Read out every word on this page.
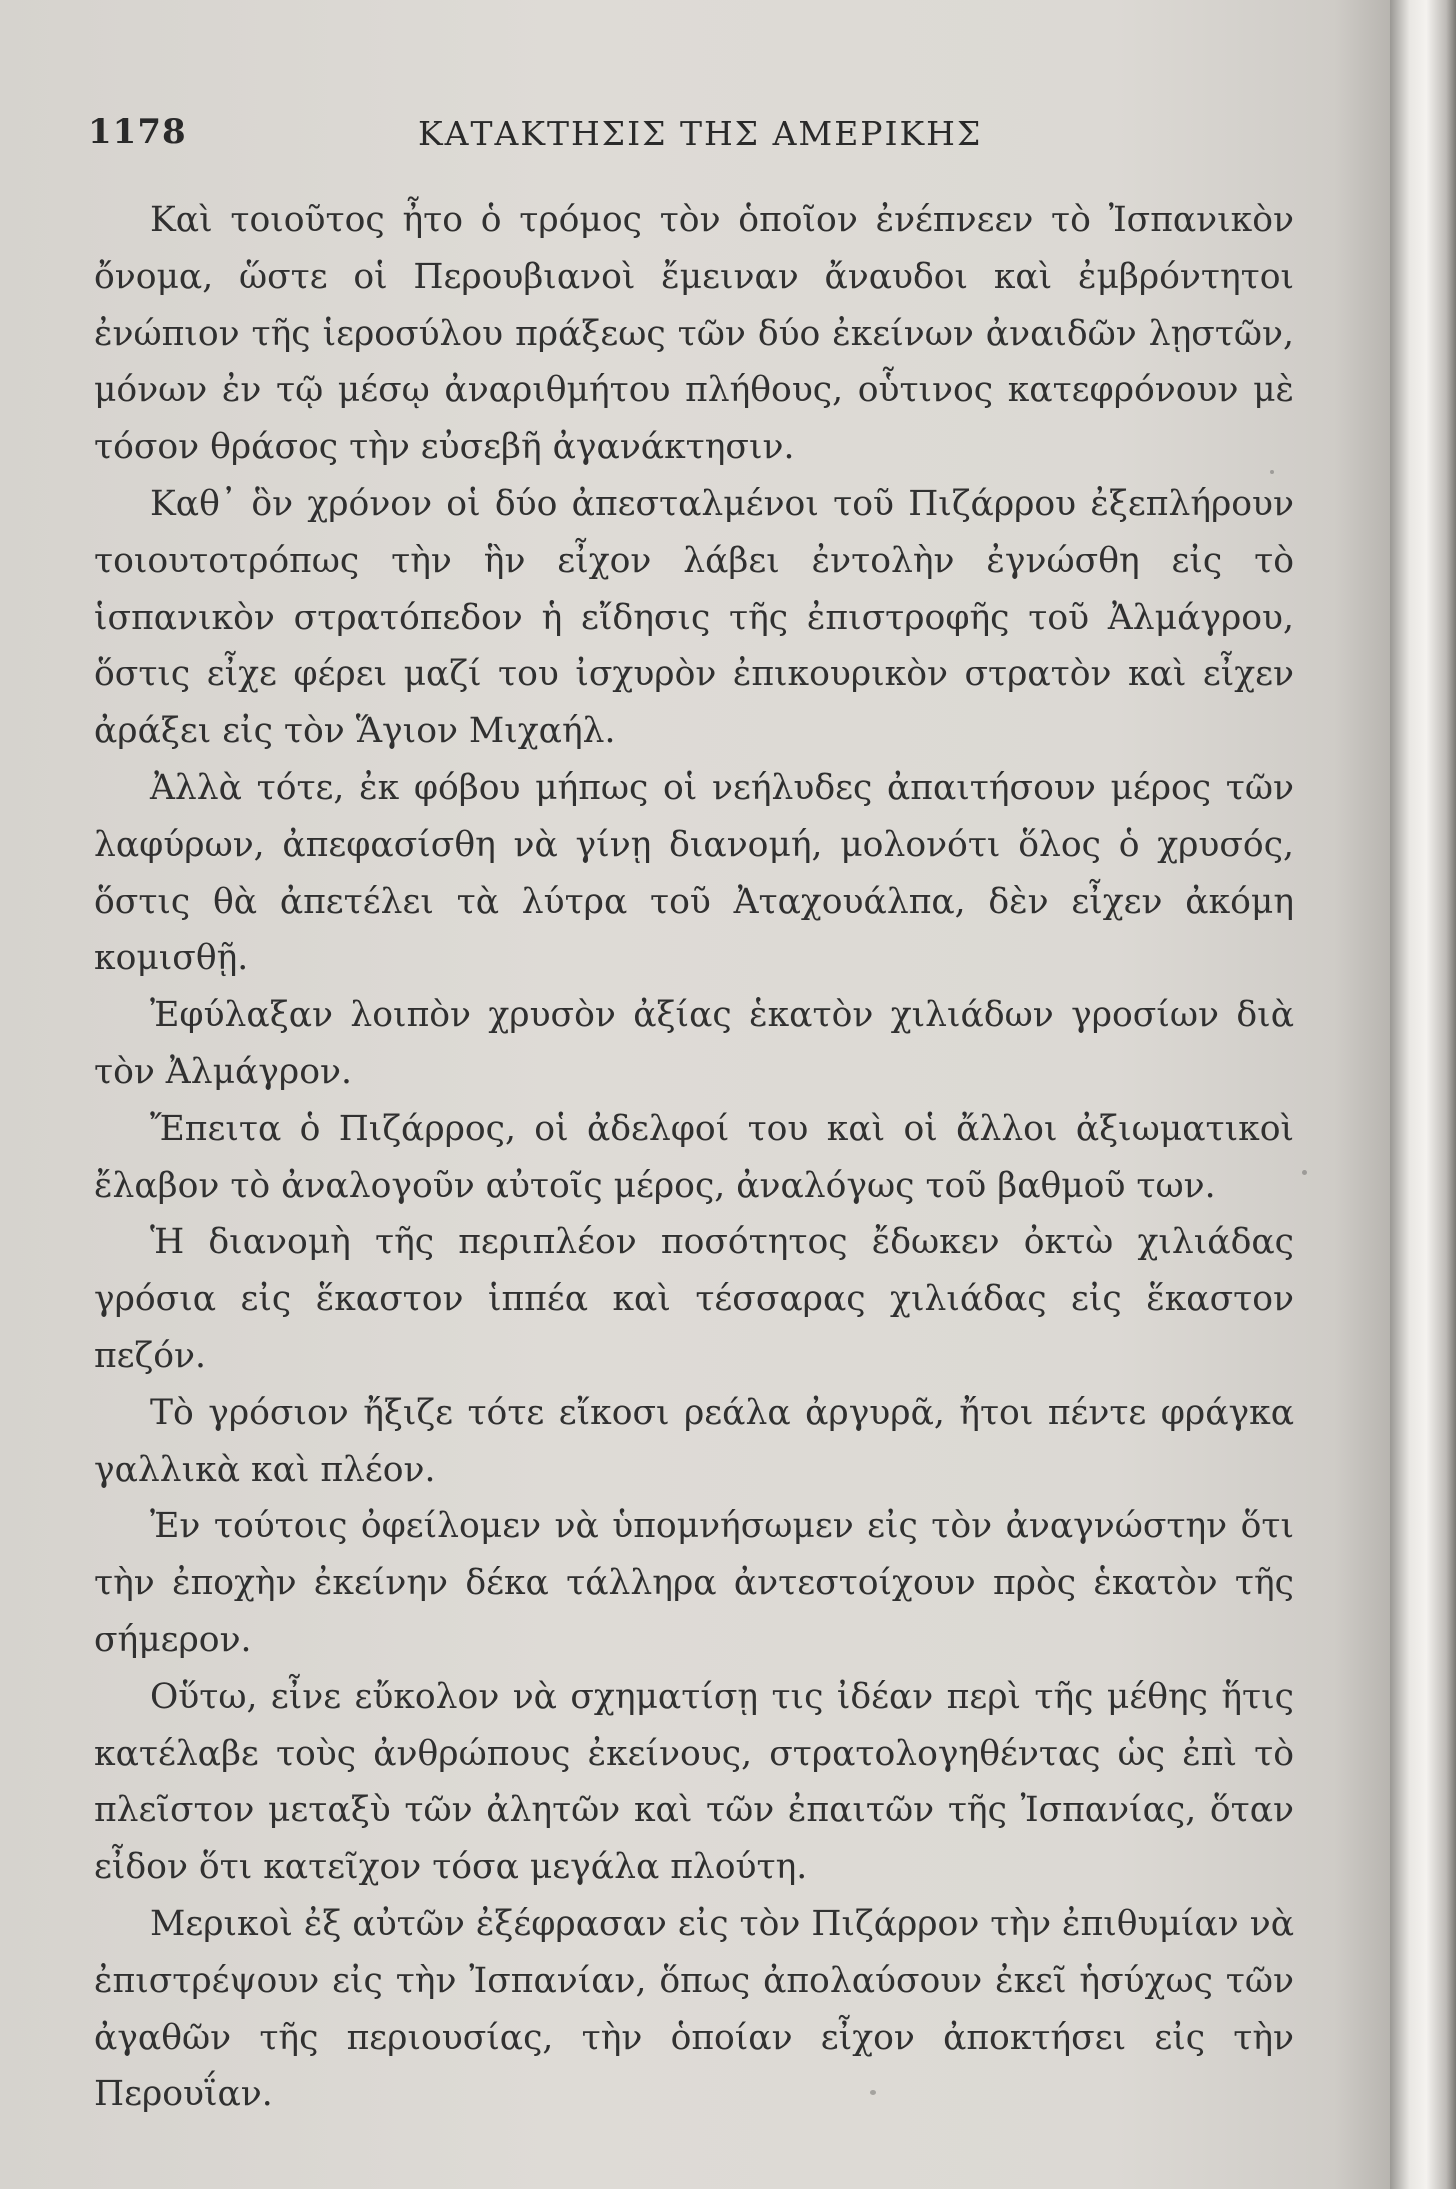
1178	ΚΑΤΑΚΤΗΣΙΣ ΤΗΣ ΑΜΕΡΙΚΗΣ

Καὶ τοιοῦτος ἦτο ὁ τρόμος τὸν ὁποῖον ἐνέπνεεν τὸ Ἰσπανικὸν ὄνομα, ὥστε οἱ Περουβιανοὶ ἔμειναν ἄναυδοι καὶ ἐμβρόντητοι ἐνώπιον τῆς ἱεροσύλου πράξεως τῶν δύο ἐκείνων ἀναιδῶν λῃστῶν, μόνων ἐν τῷ μέσῳ ἀναριθμήτου πλήθους, οὗτινος κατεφρόνουν μὲ τόσον θράσος τὴν εὐσεβῆ ἀγανάκτησιν.

Καθ᾽ ὃν χρόνον οἱ δύο ἀπεσταλμένοι τοῦ Πιζάρρου ἐξεπλήρουν τοιουτοτρόπως τὴν ἣν εἶχον λάβει ἐντολὴν ἐγνώσθη εἰς τὸ ἱσπανικὸν στρατόπεδον ἡ εἴδησις τῆς ἐπιστροφῆς τοῦ Ἀλμάγρου, ὅστις εἶχε φέρει μαζί του ἰσχυρὸν ἐπικουρικὸν στρατὸν καὶ εἶχεν ἀράξει εἰς τὸν Ἅγιον Μιχαήλ.

Ἀλλὰ τότε, ἐκ φόβου μήπως οἱ νεήλυδες ἀπαιτήσουν μέρος τῶν λαφύρων, ἀπεφασίσθη νὰ γίνῃ διανομή, μολονότι ὅλος ὁ χρυσός, ὅστις θὰ ἀπετέλει τὰ λύτρα τοῦ Ἀταχουάλπα, δὲν εἶχεν ἀκόμη κομισθῇ.

Ἐφύλαξαν λοιπὸν χρυσὸν ἀξίας ἑκατὸν χιλιάδων γροσίων διὰ τὸν Ἀλμάγρον.

Ἔπειτα ὁ Πιζάρρος, οἱ ἀδελφοί του καὶ οἱ ἄλλοι ἀξιωματικοὶ ἔλαβον τὸ ἀναλογοῦν αὐτοῖς μέρος, ἀναλόγως τοῦ βαθμοῦ των.

Ἡ διανομὴ τῆς περιπλέον ποσότητος ἔδωκεν ὀκτὼ χιλιάδας γρόσια εἰς ἕκαστον ἱππέα καὶ τέσσαρας χιλιάδας εἰς ἕκαστον πεζόν.

Τὸ γρόσιον ἤξιζε τότε εἴκοσι ρεάλα ἀργυρᾶ, ἤτοι πέντε φράγκα γαλλικὰ καὶ πλέον.

Ἐν τούτοις ὀφείλομεν νὰ ὑπομνήσωμεν εἰς τὸν ἀναγνώστην ὅτι τὴν ἐποχὴν ἐκείνην δέκα τάλληρα ἀντεστοίχουν πρὸς ἑκατὸν τῆς σήμερον.

Οὕτω, εἶνε εὔκολον νὰ σχηματίσῃ τις ἰδέαν περὶ τῆς μέθης ἥτις κατέλαβε τοὺς ἀνθρώπους ἐκείνους, στρατολογηθέντας ὡς ἐπὶ τὸ πλεῖστον μεταξὺ τῶν ἀλητῶν καὶ τῶν ἐπαιτῶν τῆς Ἰσπανίας, ὅταν εἶδον ὅτι κατεῖχον τόσα μεγάλα πλούτη.

Μερικοὶ ἐξ αὐτῶν ἐξέφρασαν εἰς τὸν Πιζάρρον τὴν ἐπιθυμίαν νὰ ἐπιστρέψουν εἰς τὴν Ἰσπανίαν, ὅπως ἀπολαύσουν ἐκεῖ ἡσύχως τῶν ἀγαθῶν τῆς περιουσίας, τὴν ὁποίαν εἶχον ἀποκτήσει εἰς τὴν Περουΐαν.
